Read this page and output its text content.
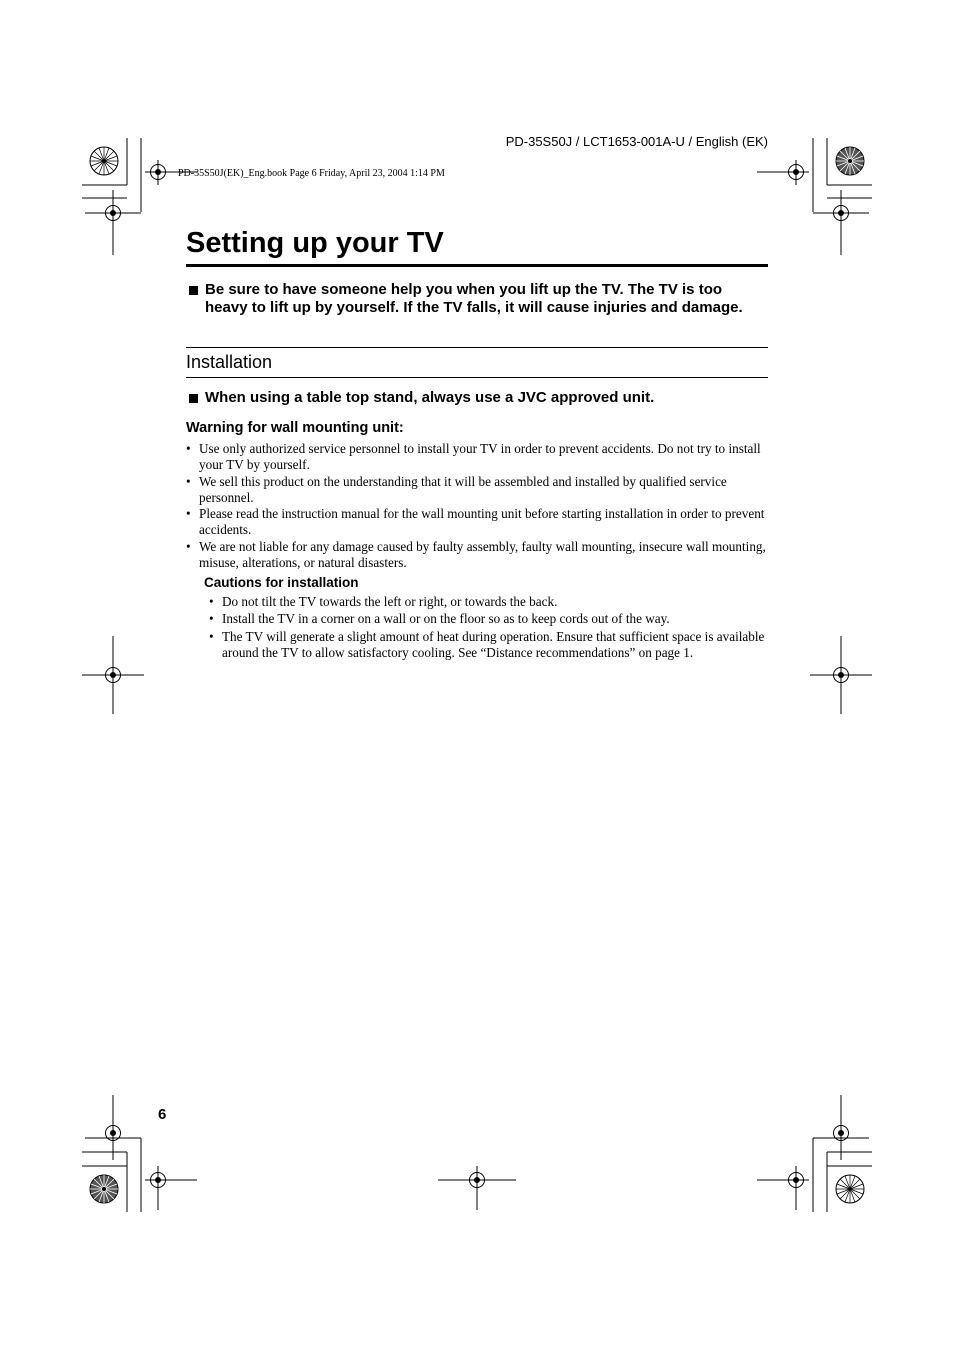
PD-35S50J / LCT1653-001A-U / English (EK)
PD-35S50J(EK)_Eng.book Page 6 Friday, April 23, 2004 1:14 PM
Setting up your TV
Be sure to have someone help you when you lift up the TV. The TV is too heavy to lift up by yourself. If the TV falls, it will cause injuries and damage.
Installation
When using a table top stand, always use a JVC approved unit.
Warning for wall mounting unit:
• Use only authorized service personnel to install your TV in order to prevent accidents. Do not try to install your TV by yourself.
• We sell this product on the understanding that it will be assembled and installed by qualified service personnel.
• Please read the instruction manual for the wall mounting unit before starting installation in order to prevent accidents.
• We are not liable for any damage caused by faulty assembly, faulty wall mounting, insecure wall mounting, misuse, alterations, or natural disasters.
Cautions for installation
• Do not tilt the TV towards the left or right, or towards the back.
• Install the TV in a corner on a wall or on the floor so as to keep cords out of the way.
• The TV will generate a slight amount of heat during operation. Ensure that sufficient space is available around the TV to allow satisfactory cooling. See “Distance recommendations” on page 1.
6
